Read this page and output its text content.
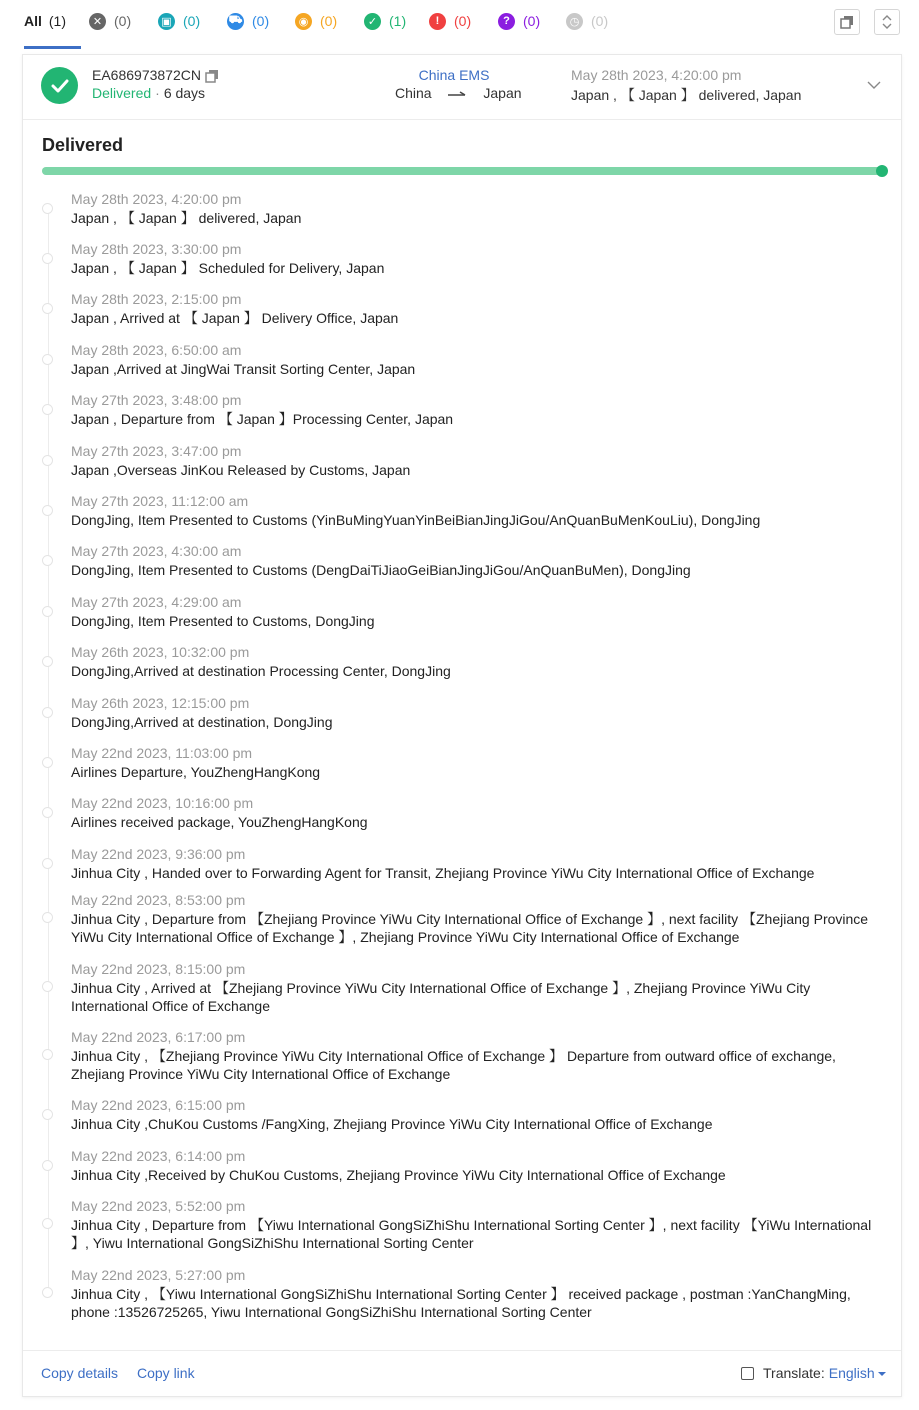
All (1)	✕ (0)	▣ (0)	⛟ (0)	◉ (0)	✓ (1)	!	(0)	? (0)	◷ (0)
EA686973872CN
Delivered · 6 days
China EMS
China	Japan
May 28th 2023, 4:20:00 pm
Japan , 【 Japan 】 delivered, Japan
Delivered
May 28th 2023, 4:20:00 pm
Japan , 【 Japan 】 delivered, Japan
May 28th 2023, 3:30:00 pm
Japan , 【 Japan 】 Scheduled for Delivery, Japan
May 28th 2023, 2:15:00 pm
Japan , Arrived at 【 Japan 】 Delivery Office, Japan
May 28th 2023, 6:50:00 am
Japan ,Arrived at JingWai Transit Sorting Center, Japan
May 27th 2023, 3:48:00 pm
Japan , Departure from 【 Japan 】Processing Center, Japan
May 27th 2023, 3:47:00 pm
Japan ,Overseas JinKou Released by Customs, Japan
May 27th 2023, 11:12:00 am
DongJing, Item Presented to Customs (YinBuMingYuanYinBeiBianJingJiGou/AnQuanBuMenKouLiu), DongJing
May 27th 2023, 4:30:00 am
DongJing, Item Presented to Customs (DengDaiTiJiaoGeiBianJingJiGou/AnQuanBuMen), DongJing
May 27th 2023, 4:29:00 am
DongJing, Item Presented to Customs, DongJing
May 26th 2023, 10:32:00 pm
DongJing,Arrived at destination Processing Center, DongJing
May 26th 2023, 12:15:00 pm
DongJing,Arrived at destination, DongJing
May 22nd 2023, 11:03:00 pm
Airlines Departure, YouZhengHangKong
May 22nd 2023, 10:16:00 pm
Airlines received package, YouZhengHangKong
May 22nd 2023, 9:36:00 pm
Jinhua City , Handed over to Forwarding Agent for Transit, Zhejiang Province YiWu City International Office of Exchange
May 22nd 2023, 8:53:00 pm
Jinhua City , Departure from 【Zhejiang Province YiWu City International Office of Exchange 】, next facility 【Zhejiang Province YiWu City International Office of Exchange 】, Zhejiang Province YiWu City International Office of Exchange
May 22nd 2023, 8:15:00 pm
Jinhua City , Arrived at 【Zhejiang Province YiWu City International Office of Exchange 】, Zhejiang Province YiWu City International Office of Exchange
May 22nd 2023, 6:17:00 pm
Jinhua City , 【Zhejiang Province YiWu City International Office of Exchange 】 Departure from outward office of exchange, Zhejiang Province YiWu City International Office of Exchange
May 22nd 2023, 6:15:00 pm
Jinhua City ,ChuKou Customs /FangXing, Zhejiang Province YiWu City International Office of Exchange
May 22nd 2023, 6:14:00 pm
Jinhua City ,Received by ChuKou Customs, Zhejiang Province YiWu City International Office of Exchange
May 22nd 2023, 5:52:00 pm
Jinhua City , Departure from 【Yiwu International GongSiZhiShu International Sorting Center 】, next facility 【YiWu International 】, Yiwu International GongSiZhiShu International Sorting Center
May 22nd 2023, 5:27:00 pm
Jinhua City , 【Yiwu International GongSiZhiShu International Sorting Center 】 received package , postman :YanChangMing, phone :13526725265, Yiwu International GongSiZhiShu International Sorting Center
Copy details Copy link	Translate: English
